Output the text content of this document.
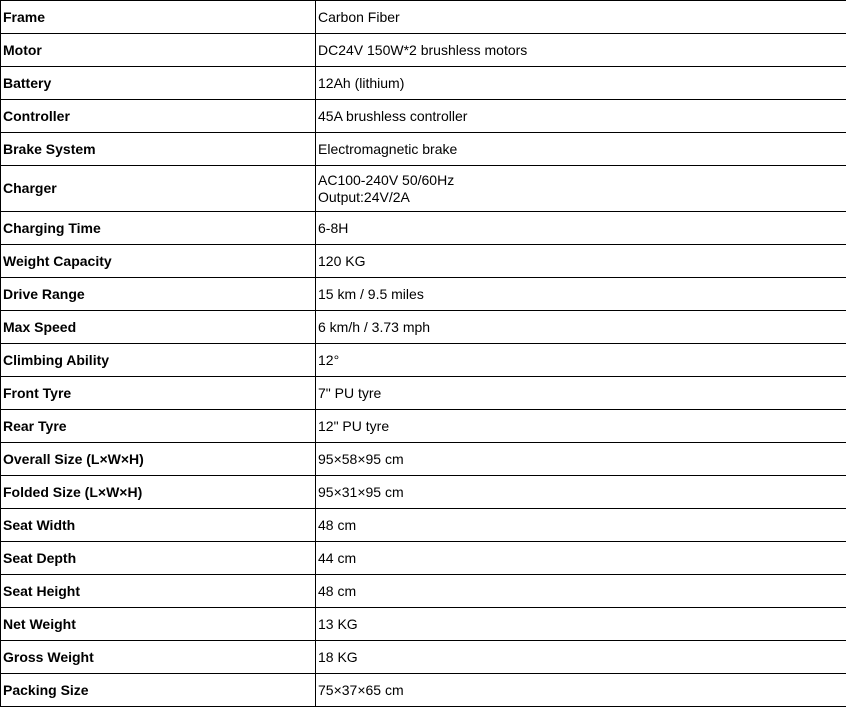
Frame	Carbon Fiber

Motor	DC24V 150W*2 brushless motors

Battery	12Ah (lithium)

Controller	45A brushless controller

Brake System	Electromagnetic brake

Charger	AC100-240V 50/60Hz
Output:24V/2A

Charging Time	6-8H

Weight Capacity	120 KG

Drive Range	15 km / 9.5 miles

Max Speed	6 km/h / 3.73 mph

Climbing Ability	12°

Front Tyre	7" PU tyre

Rear Tyre	12" PU tyre

Overall Size (L×W×H)	95×58×95 cm

Folded Size (L×W×H)	95×31×95 cm

Seat Width	48 cm

Seat Depth	44 cm

Seat Height	48 cm

Net Weight	13 KG

Gross Weight	18 KG

Packing Size	75×37×65 cm
